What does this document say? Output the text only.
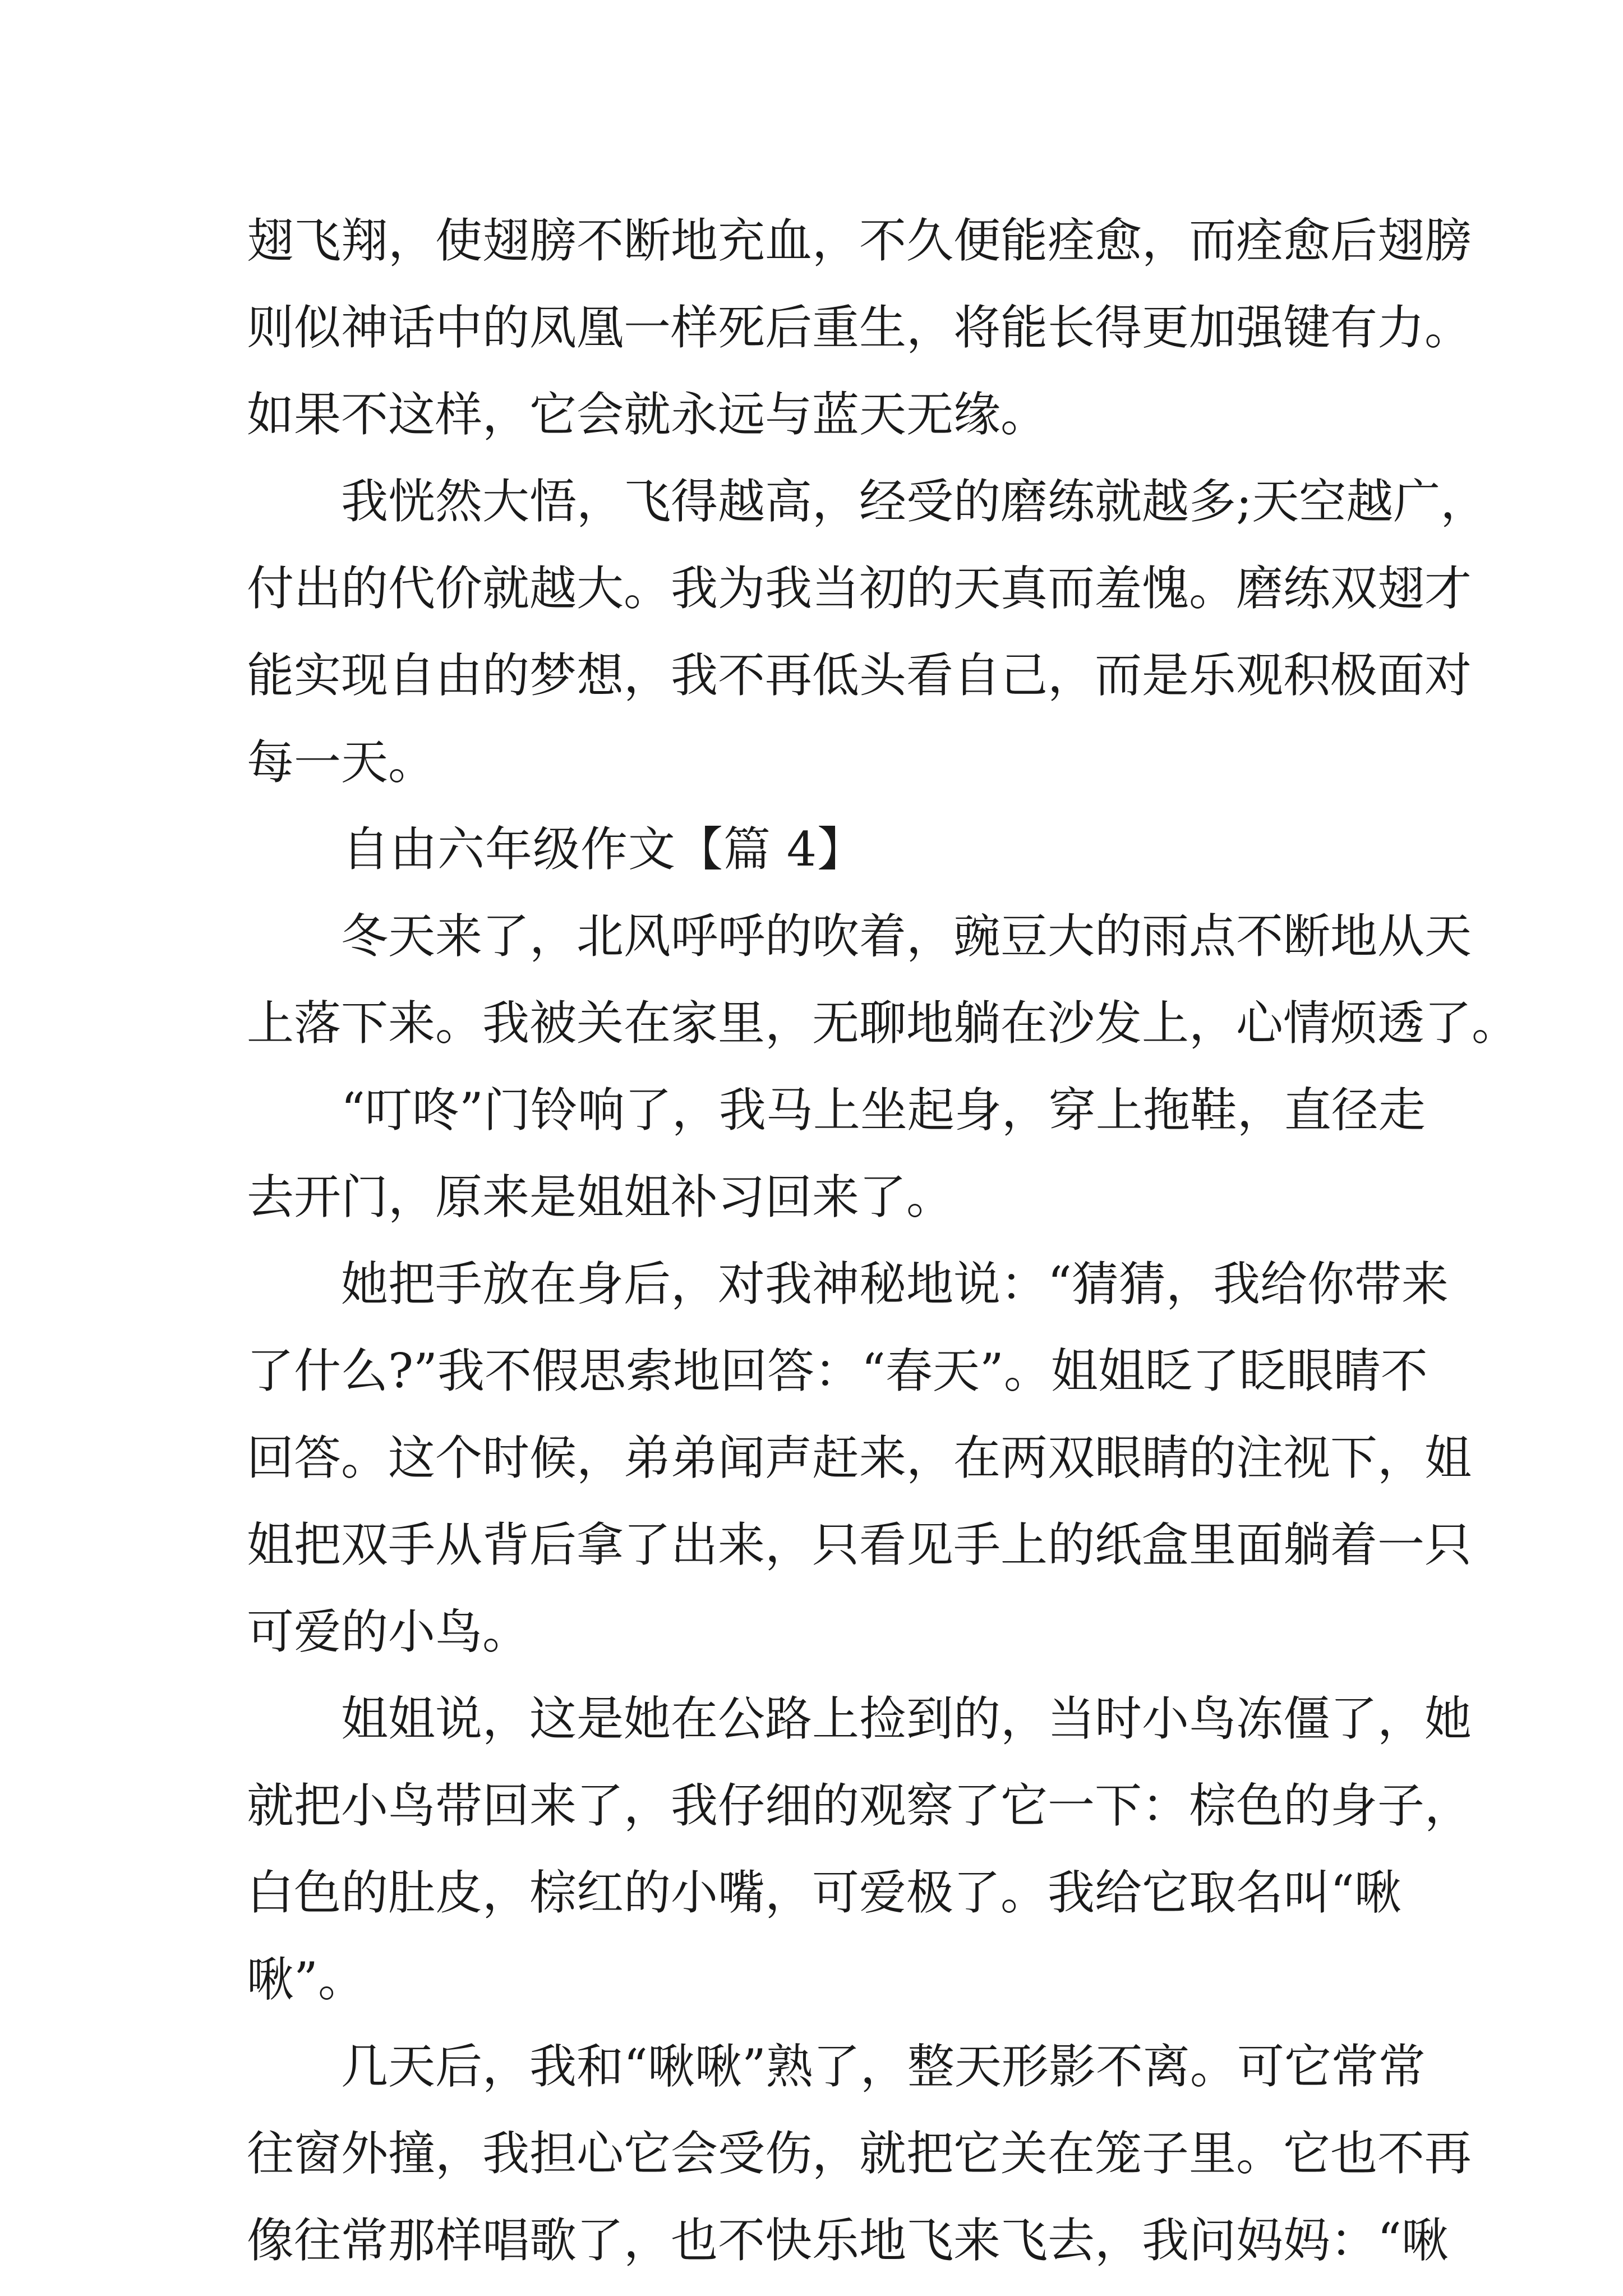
翅飞翔，使翅膀不断地充血，不久便能痊愈，而痊愈后翅膀
则似神话中的凤凰一样死后重生，将能长得更加强键有力。
如果不这样，它会就永远与蓝天无缘。

　　我恍然大悟，飞得越高，经受的磨练就越多;天空越广，
付出的代价就越大。我为我当初的天真而羞愧。磨练双翅才
能实现自由的梦想，我不再低头看自己，而是乐观积极面对
每一天。

　　自由六年级作文【篇 4】

　　冬天来了，北风呼呼的吹着，豌豆大的雨点不断地从天
上落下来。我被关在家里，无聊地躺在沙发上，心情烦透了。

　　“叮咚”门铃响了，我马上坐起身，穿上拖鞋，直径走
去开门，原来是姐姐补习回来了。

　　她把手放在身后，对我神秘地说：“猜猜，我给你带来
了什么?”我不假思索地回答：“春天”。姐姐眨了眨眼睛不
回答。这个时候，弟弟闻声赶来，在两双眼睛的注视下，姐
姐把双手从背后拿了出来，只看见手上的纸盒里面躺着一只
可爱的小鸟。

　　姐姐说，这是她在公路上捡到的，当时小鸟冻僵了，她
就把小鸟带回来了，我仔细的观察了它一下：棕色的身子，
白色的肚皮，棕红的小嘴，可爱极了。我给它取名叫“啾
啾”。

　　几天后，我和“啾啾”熟了，整天形影不离。可它常常
往窗外撞，我担心它会受伤，就把它关在笼子里。它也不再
像往常那样唱歌了，也不快乐地飞来飞去，我问妈妈：“啾
